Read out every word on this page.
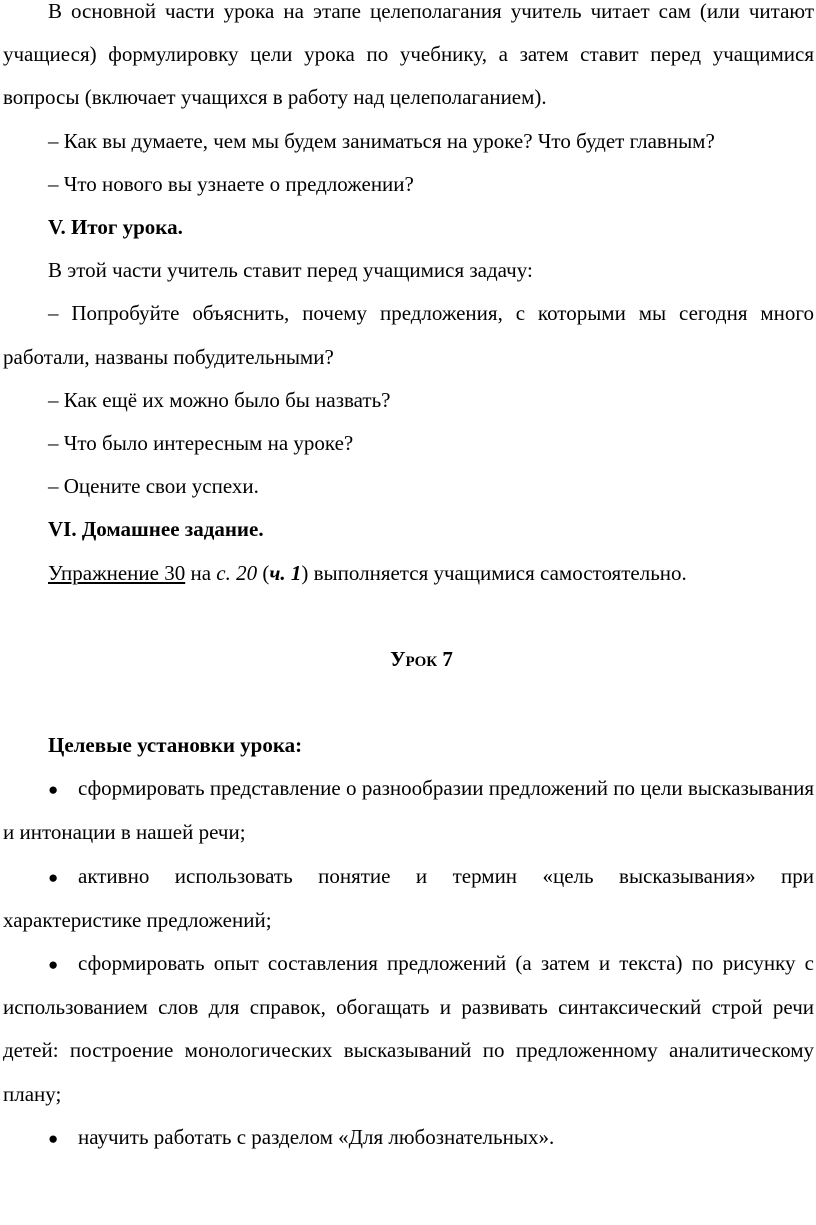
В основной части урока на этапе целеполагания учитель читает сам (или читают учащиеся) формулировку цели урока по учебнику, а затем ставит перед учащимися вопросы (включает учащихся в работу над целеполаганием).

– Как вы думаете, чем мы будем заниматься на уроке? Что будет главным?

– Что нового вы узнаете о предложении?

V. Итог урока.

В этой части учитель ставит перед учащимися задачу:

– Попробуйте объяснить, почему предложения, с которыми мы сегодня много работали, названы побудительными?

– Как ещё их можно было бы назвать?

– Что было интересным на уроке?

– Оцените свои успехи.

VI. Домашнее задание.

Упражнение 30 на с. 20 (ч. 1) выполняется учащимися самостоятельно.

Урок 7

Целевые установки урока:

● сформировать представление о разнообразии предложений по цели высказывания и интонации в нашей речи;

● активно использовать понятие и термин «цель высказывания» при характеристике предложений;

● сформировать опыт составления предложений (а затем и текста) по рисунку с использованием слов для справок, обогащать и развивать синтаксический строй речи детей: построение монологических высказываний по предложенному аналитическому плану;

● научить работать с разделом «Для любознательных».
